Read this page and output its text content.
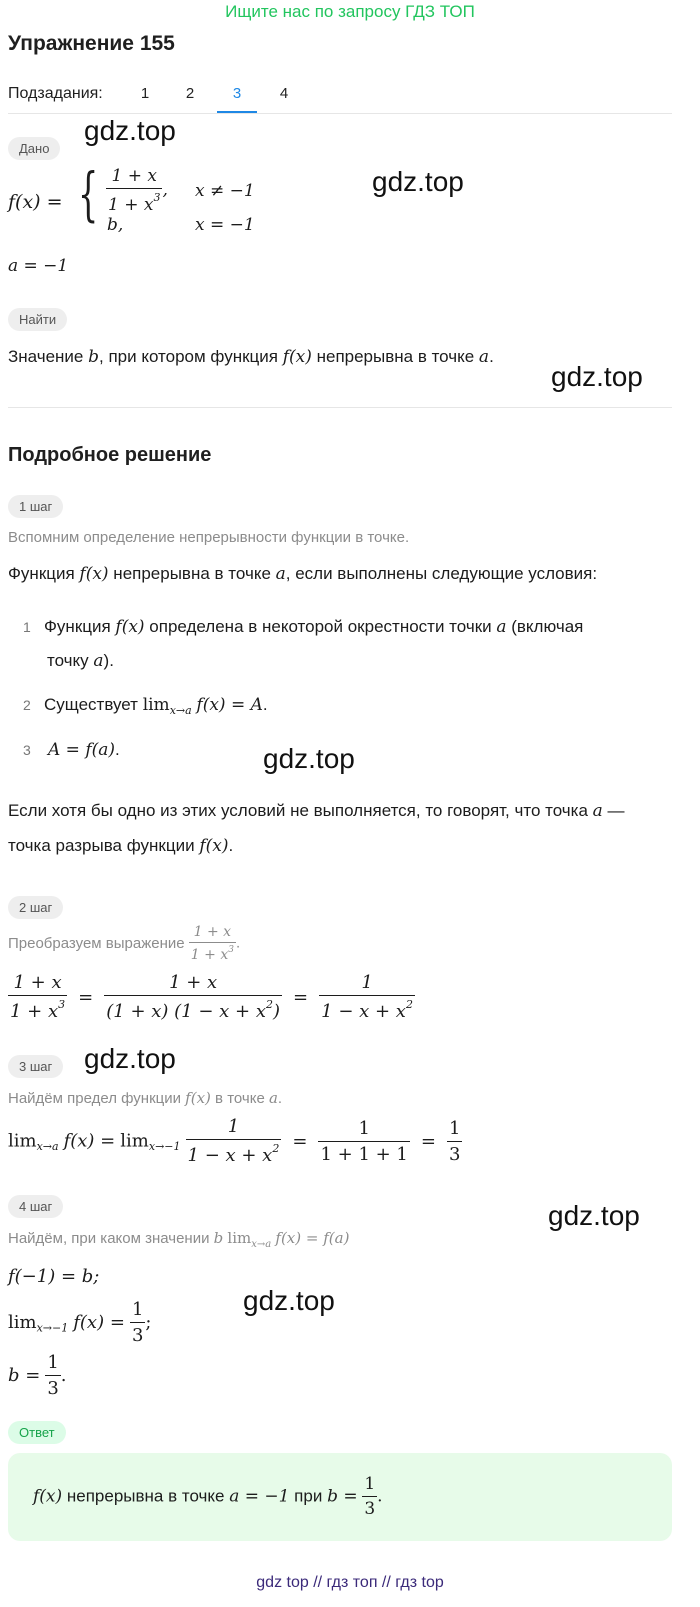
Ищите нас по запросу ГДЗ ТОП
Упражнение 155
Подзадания:	1	2	3	4
gdz.top
gdz.top
gdz.top
gdz.top
gdz.top
gdz.top
gdz.top
Дано
f(x) = { $\frac{1 + x}{1 + x^3}$ , x ≠ −1
b,	x = −1
a = −1
Найти
Значение b, при котором функция f(x) непрерывна в точке a.
Подробное решение
1 шаг
Вспомним определение непрерывности функции в точке.
Функция f(x) непрерывна в точке a, если выполнены следующие условия:
1 Функция f(x) определена в некоторой окрестности точки a (включая
точку a).
2 Существует $\lim_{x\to a} f(x) = A$.
3 A = f(a).
Если хотя бы одно из этих условий не выполняется, то говорят, что точка a —
точка разрыва функции f(x).
2 шаг
Преобразуем выражение $\frac{1 + x}{1 + x^3}$ .
$\frac{1 + x}{1 + x^3} = \frac{1 + x}{(1 + x) (1 - x + x^2)} = \frac{1}{1 - x + x^2}$
3 шаг
Найдём предел функции f(x) в точке a.
$\lim_{x\to a} f(x) = \lim_{x\to-1} \frac{1}{1 - x + x^2} = \frac{1}{1 + 1 + 1} = \frac{1}{3}$
4 шаг
Найдём, при каком значении b $\lim_{x\to a} f(x) = f(a)$
f(−1) = b;
$\lim_{x\to-1} f(x) = \frac{1}{3}$ ;
$b = \frac{1}{3}$ .
Ответ
f(x) непрерывна в точке a = −1 при $b = \frac{1}{3}$ .
gdz top // гдз топ // гдз top
